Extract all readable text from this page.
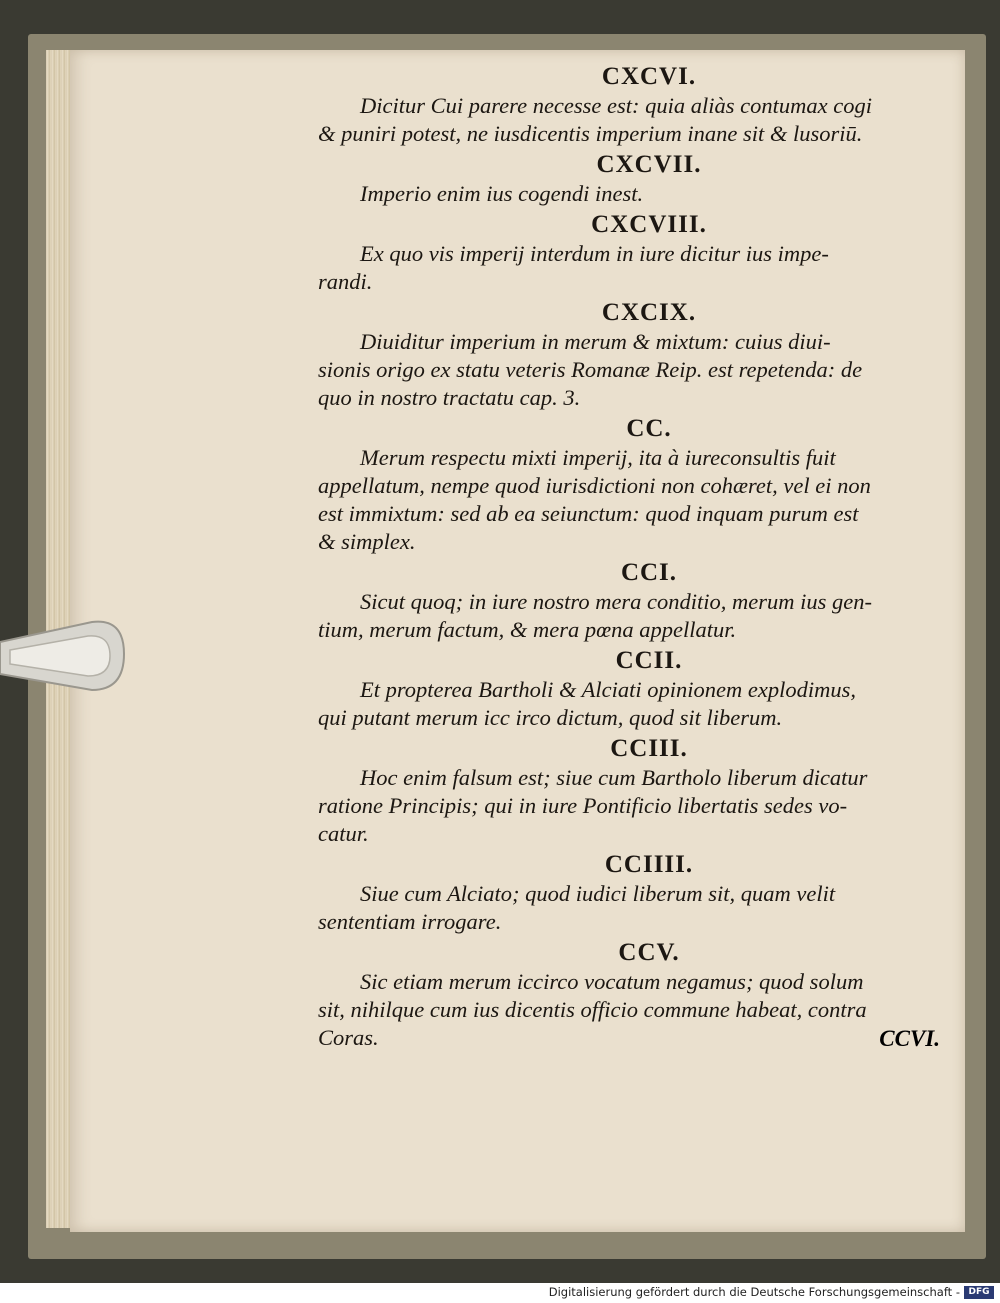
CXCVI.

Dicitur Cui parere necesse est: quia aliàs contumax cogi
& puniri potest, ne iusdicentis imperium inane sit & lusoriū.

CXCVII.

Imperio enim ius cogendi inest.

CXCVIII.

Ex quo vis imperij interdum in iure dicitur ius impe-
randi.

CXCIX.

Diuiditur imperium in merum & mixtum: cuius diui-
sionis origo ex statu veteris Romanæ Reip. est repetenda: de
quo in nostro tractatu cap. 3.

CC.

Merum respectu mixti imperij, ita à iureconsultis fuit
appellatum, nempe quod iurisdictioni non cohæret, vel ei non
est immixtum: sed ab ea seiunctum: quod inquam purum est
& simplex.

CCI.

Sicut quoq; in iure nostro mera conditio, merum ius gen-
tium, merum factum, & mera pœna appellatur.

CCII.

Et propterea Bartholi & Alciati opinionem explodimus,
qui putant merum icc irco dictum, quod sit liberum.

CCIII.

Hoc enim falsum est; siue cum Bartholo liberum dicatur
ratione Principis; qui in iure Pontificio libertatis sedes vo-
catur.

CCIIII.

Siue cum Alciato; quod iudici liberum sit, quam velit
sententiam irrogare.

CCV.

Sic etiam merum iccirco vocatum negamus; quod solum
sit, nihilque cum ius dicentis officio commune habeat, contra
Coras.	CCVI.
Digitalisierung gefördert durch die Deutsche Forschungsgemeinschaft - DFG
